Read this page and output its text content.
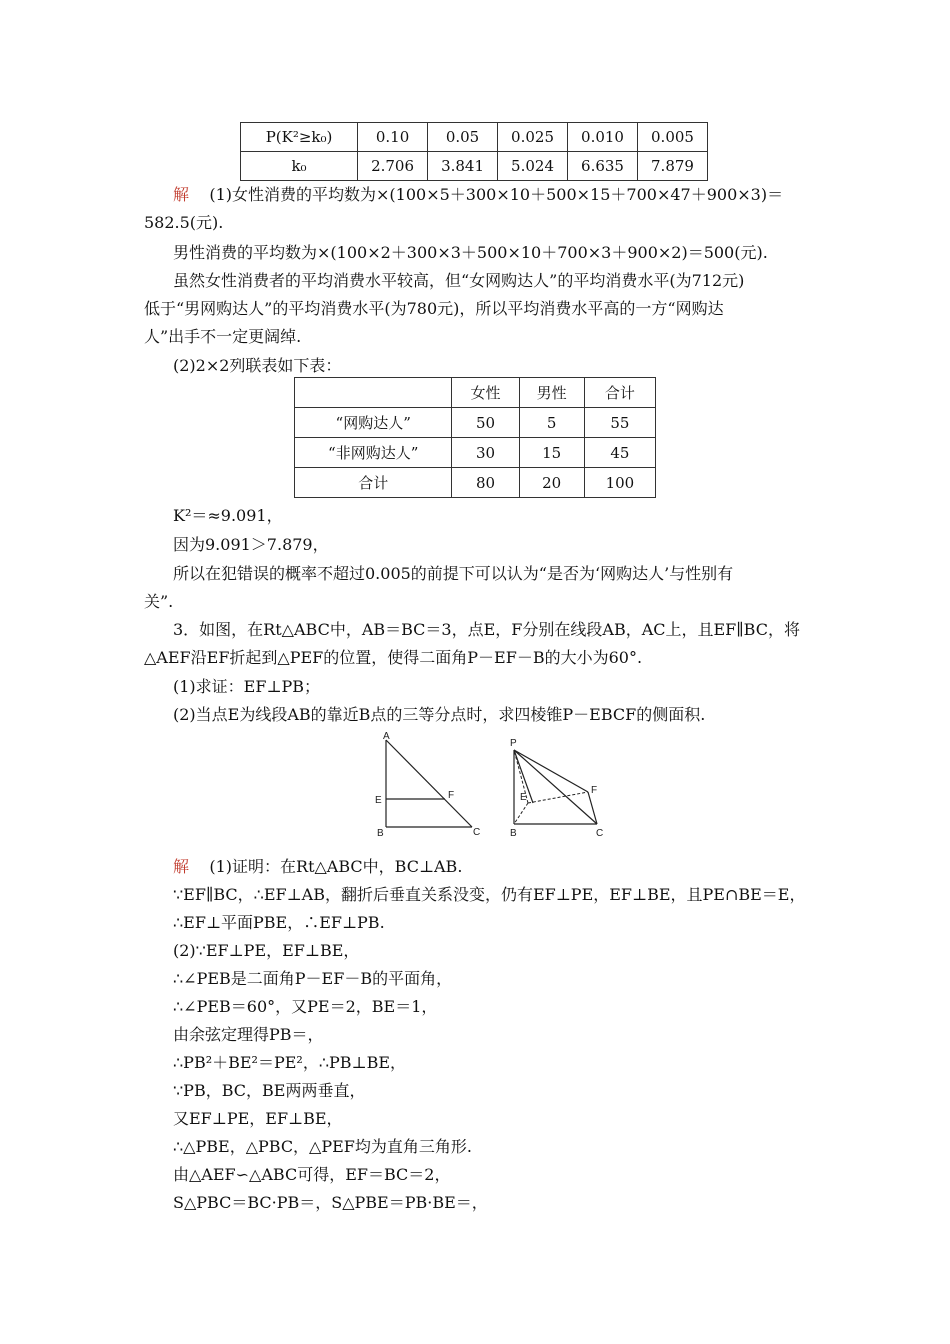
P(K²≥k₀)	0.10	0.05	0.025	0.010	0.005
k₀	2.706	3.841	5.024	6.635	7.879
解 (1)女性消费的平均数为×(100×5＋300×10＋500×15＋700×47＋900×3)＝
582.5(元).
男性消费的平均数为×(100×2＋300×3＋500×10＋700×3＋900×2)＝500(元).
虽然女性消费者的平均消费水平较高，但“女网购达人”的平均消费水平(为712元)
低于“男网购达人”的平均消费水平(为780元)，所以平均消费水平高的一方“网购达
人”出手不一定更阔绰.
(2)2×2列联表如下表：
	女性	男性	合计
“网购达人”	50	5	55
“非网购达人”	30	15	45
合计	80	20	100
K²＝≈9.091，
因为9.091＞7.879，
所以在犯错误的概率不超过0.005的前提下可以认为“是否为‘网购达人’与性别有
关”.
3．如图，在Rt△ABC中，AB＝BC＝3，点E，F分别在线段AB，AC上，且EF∥BC，将
△AEF沿EF折起到△PEF的位置，使得二面角P－EF－B的大小为60°.
(1)求证：EF⊥PB；
(2)当点E为线段AB的靠近B点的三等分点时，求四棱锥P－EBCF的侧面积.
A
E	F
B	C
P
E
F
B	C
解 (1)证明：在Rt△ABC中，BC⊥AB.
∵EF∥BC，∴EF⊥AB，翻折后垂直关系没变，仍有EF⊥PE，EF⊥BE，且PE∩BE＝E，
∴EF⊥平面PBE，∴EF⊥PB.
(2)∵EF⊥PE，EF⊥BE，
∴∠PEB是二面角P－EF－B的平面角，
∴∠PEB＝60°，又PE＝2，BE＝1，
由余弦定理得PB＝，
∴PB²＋BE²＝PE²，∴PB⊥BE，
∵PB，BC，BE两两垂直，
又EF⊥PE，EF⊥BE，
∴△PBE，△PBC，△PEF均为直角三角形.
由△AEF∽△ABC可得，EF＝BC＝2，
S△PBC＝BC·PB＝，S△PBE＝PB·BE＝，
